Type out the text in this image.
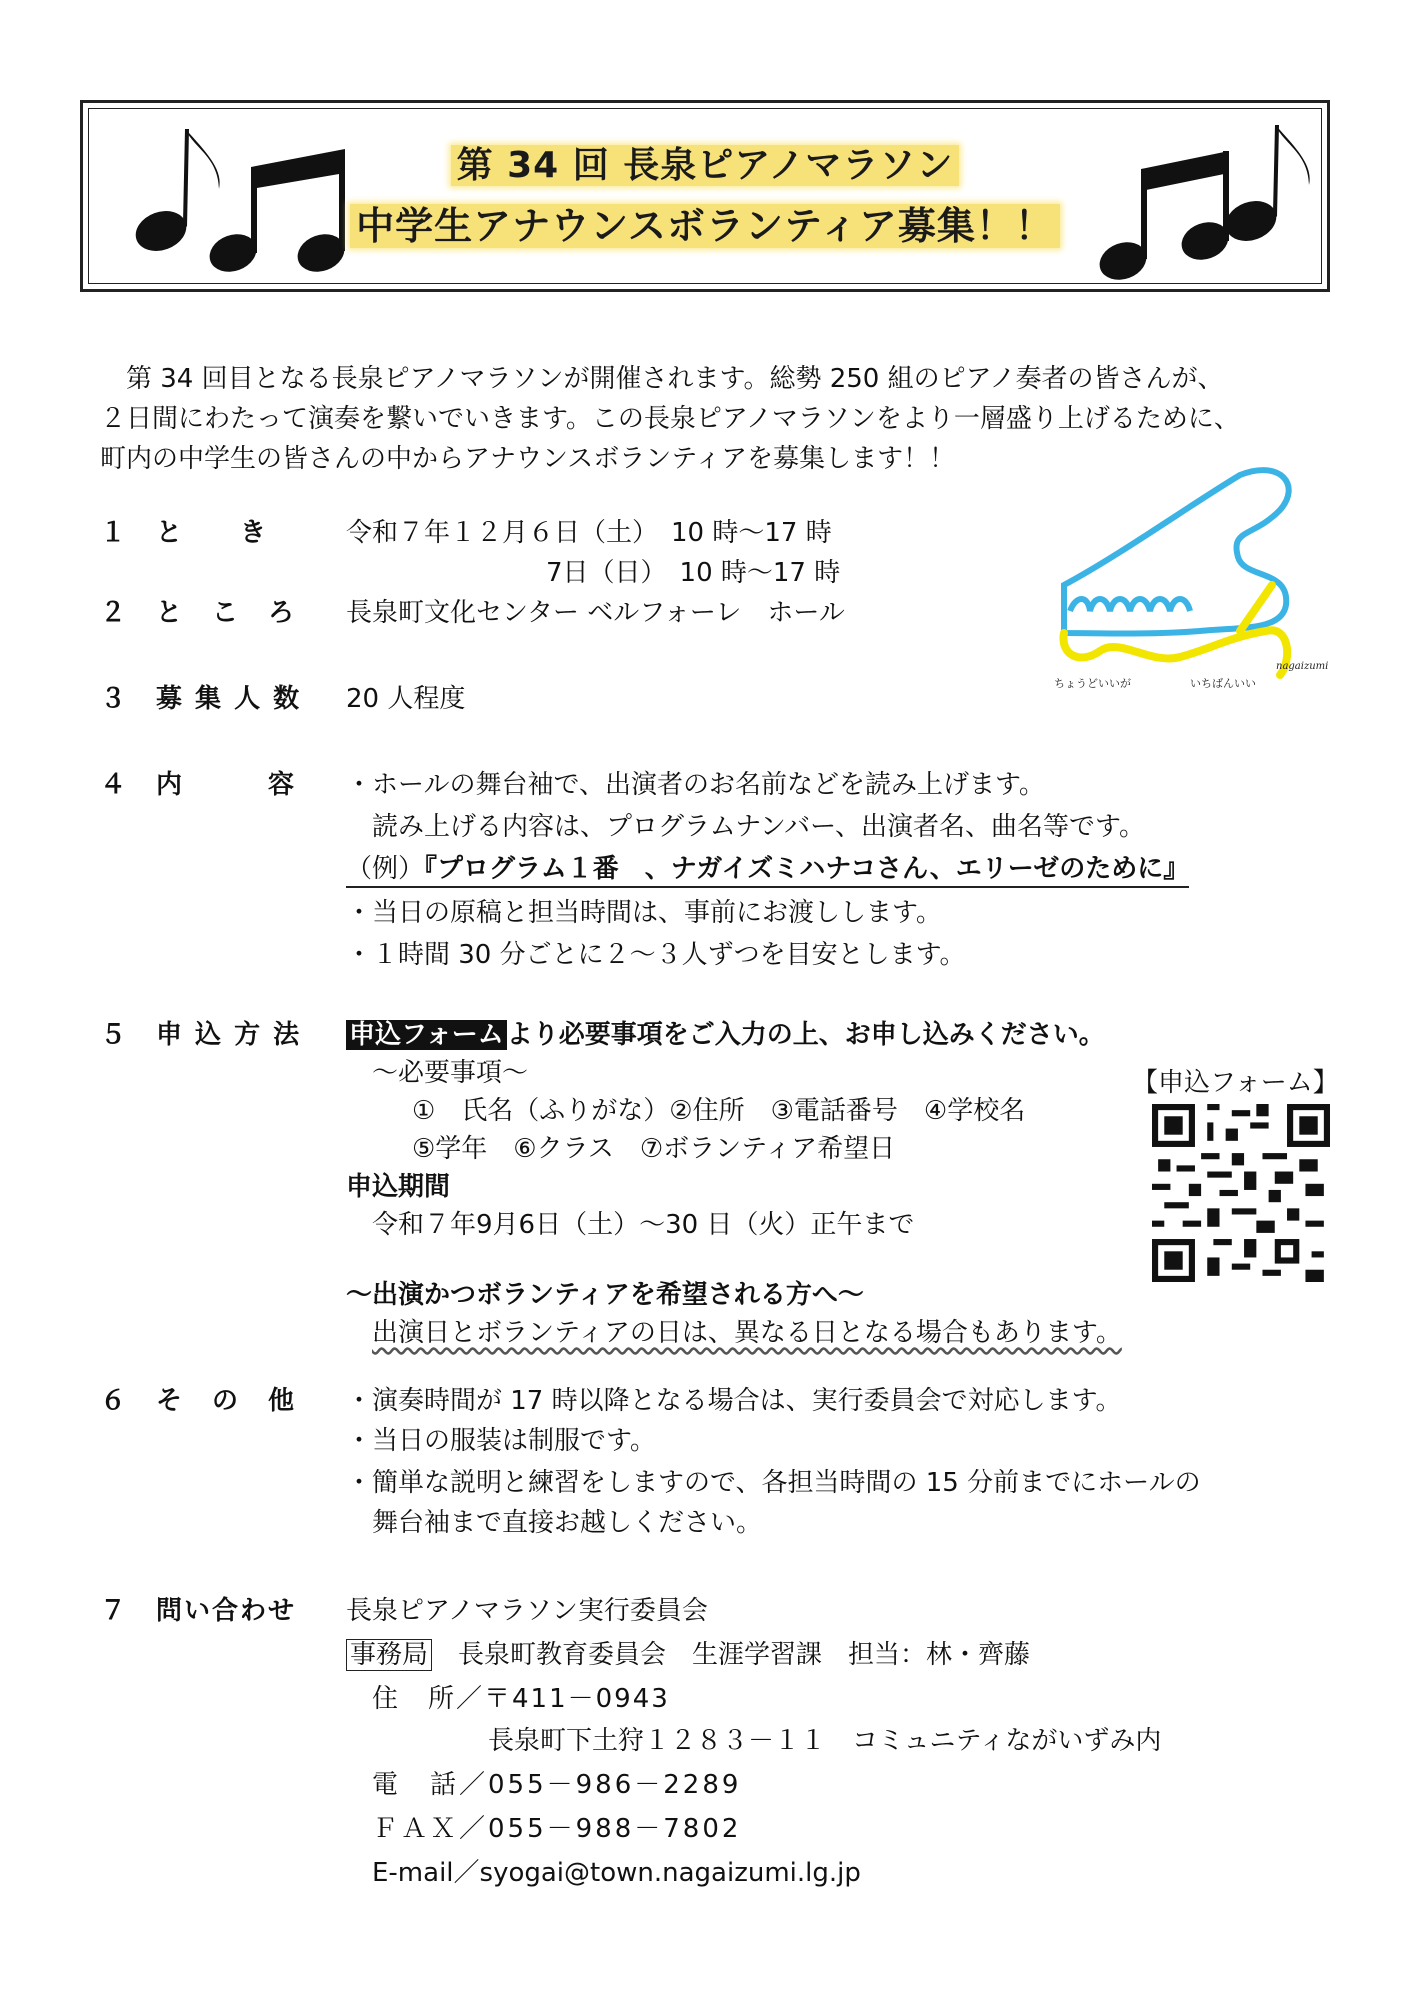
第 34 回 長泉ピアノマラソン
中学生アナウンスボランティア募集！！
　第 34 回目となる長泉ピアノマラソンが開催されます。総勢 250 組のピアノ奏者の皆さんが、
２日間にわたって演奏を繋いでいきます。この長泉ピアノマラソンをより一層盛り上げるために、
町内の中学生の皆さんの中からアナウンスボランティアを募集します！！
ちょうどいいが	いちばんいい
nagaizumi
１　と　　き	令和７年１２月６日（土）　10 時～17 時
7日（日）　10 時～17 時
２　と　こ　ろ 長泉町文化センター ベルフォーレ　ホール
３　募 集 人 数 20 人程度
４　内　　　容 ・ホールの舞台袖で、出演者のお名前などを読み上げます。
読み上げる内容は、プログラムナンバー、出演者名、曲名等です。
（例）『プログラム１番　、ナガイズミハナコさん、エリーゼのために』
・当日の原稿と担当時間は、事前にお渡しします。
・１時間 30 分ごとに２～３人ずつを目安とします。
５　申 込 方 法 申込フォーム より必要事項をご入力の上、お申し込みください。
～必要事項～
①　氏名（ふりがな）②住所　③電話番号　④学校名
⑤学年　⑥クラス　⑦ボランティア希望日
申込期間
令和７年9月6日（土）～30 日（火）正午まで
～出演かつボランティアを希望される方へ～
出演日とボランティアの日は、異なる日となる場合もあります。
【申込フォーム】
６　そ　の　他 ・演奏時間が 17 時以降となる場合は、実行委員会で対応します。
・当日の服装は制服です。
・簡単な説明と練習をしますので、各担当時間の 15 分前までにホールの
舞台袖まで直接お越しください。
７　問い合わせ 長泉ピアノマラソン実行委員会
事務局　 長泉町教育委員会　生涯学習課　担当：林・齊藤
住　所／〒411－0943
長泉町下土狩１２８３－１１　コミュニティながいずみ内
電　話／055－986－2289
ＦＡＸ／055－988－7802
E-mail／syogai@town.nagaizumi.lg.jp
